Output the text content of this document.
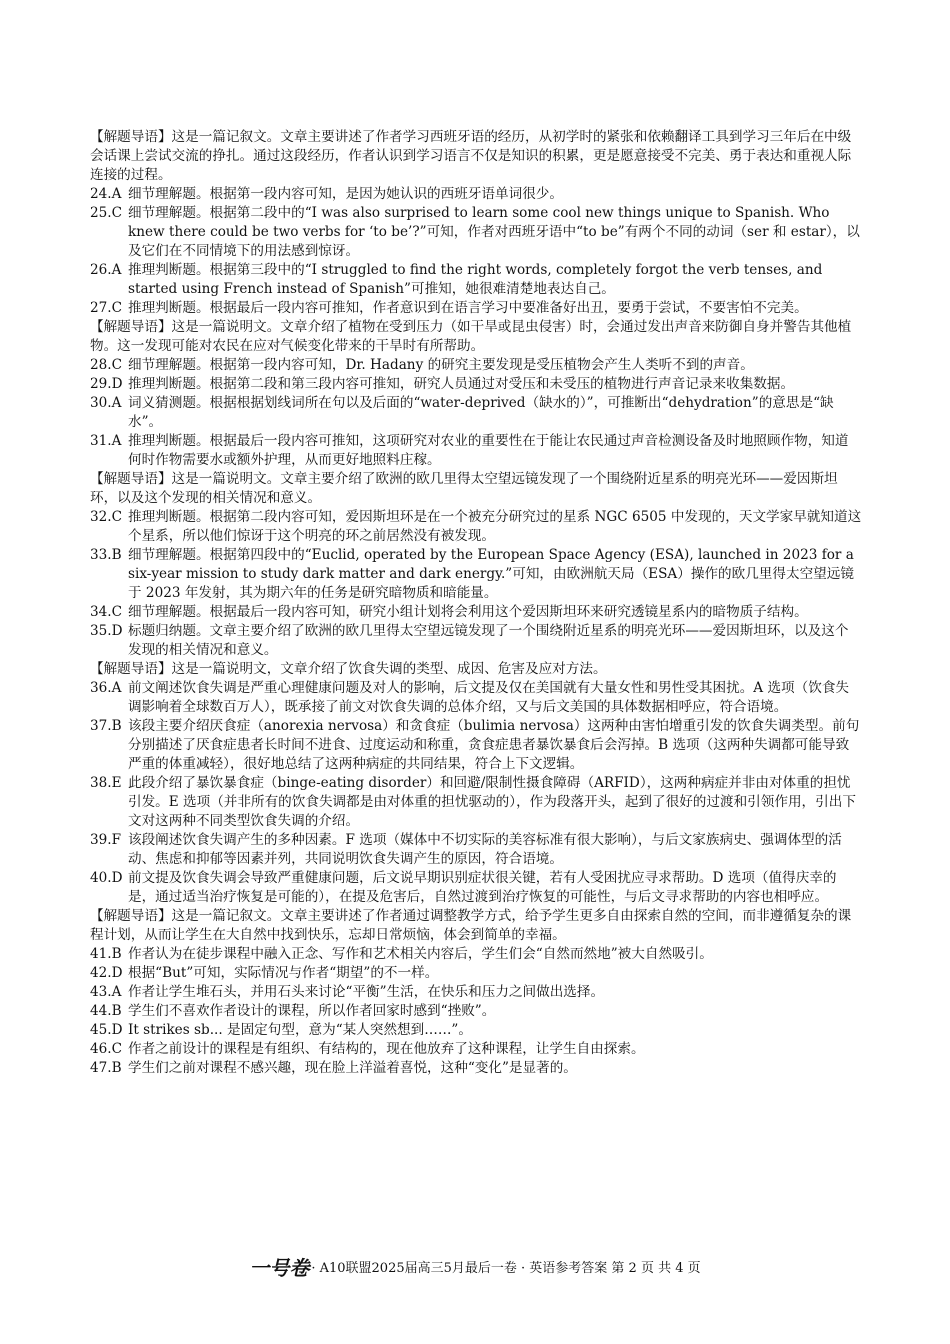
【解题导语】这是一篇记叙文。文章主要讲述了作者学习西班牙语的经历，从初学时的紧张和依赖翻译工具到学习三年后在中级会话课上尝试交流的挣扎。通过这段经历，作者认识到学习语言不仅是知识的积累，更是愿意接受不完美、勇于表达和重视人际连接的过程。

24.A 细节理解题。根据第一段内容可知，是因为她认识的西班牙语单词很少。
25.C 细节理解题。根据第二段中的“I was also surprised to learn some cool new things unique to Spanish. Who knew there could be two verbs for ‘to be’?”可知，作者对西班牙语中“to be”有两个不同的动词（ser 和 estar），以及它们在不同情境下的用法感到惊讶。
26.A 推理判断题。根据第三段中的“I struggled to find the right words, completely forgot the verb tenses, and started using French instead of Spanish”可推知，她很难清楚地表达自己。
27.C 推理判断题。根据最后一段内容可推知，作者意识到在语言学习中要准备好出丑，要勇于尝试，不要害怕不完美。

【解题导语】这是一篇说明文。文章介绍了植物在受到压力（如干旱或昆虫侵害）时，会通过发出声音来防御自身并警告其他植物。这一发现可能对农民在应对气候变化带来的干旱时有所帮助。

28.C 细节理解题。根据第一段内容可知，Dr. Hadany 的研究主要发现是受压植物会产生人类听不到的声音。
29.D 推理判断题。根据第二段和第三段内容可推知，研究人员通过对受压和未受压的植物进行声音记录来收集数据。
30.A 词义猜测题。根据根据划线词所在句以及后面的“water-deprived（缺水的）”，可推断出“dehydration”的意思是“缺水”。
31.A 推理判断题。根据最后一段内容可推知，这项研究对农业的重要性在于能让农民通过声音检测设备及时地照顾作物，知道何时作物需要水或额外护理，从而更好地照料庄稼。

【解题导语】这是一篇说明文。文章主要介绍了欧洲的欧几里得太空望远镜发现了一个围绕附近星系的明亮光环——爱因斯坦环，以及这个发现的相关情况和意义。

32.C 推理判断题。根据第二段内容可知，爱因斯坦环是在一个被充分研究过的星系 NGC 6505 中发现的，天文学家早就知道这个星系，所以他们惊讶于这个明亮的环之前居然没有被发现。
33.B 细节理解题。根据第四段中的“Euclid, operated by the European Space Agency (ESA), launched in 2023 for a six-year mission to study dark matter and dark energy.”可知，由欧洲航天局（ESA）操作的欧几里得太空望远镜于 2023 年发射，其为期六年的任务是研究暗物质和暗能量。
34.C 细节理解题。根据最后一段内容可知，研究小组计划将会利用这个爱因斯坦环来研究透镜星系内的暗物质子结构。
35.D 标题归纳题。文章主要介绍了欧洲的欧几里得太空望远镜发现了一个围绕附近星系的明亮光环——爱因斯坦环，以及这个发现的相关情况和意义。

【解题导语】这是一篇说明文，文章介绍了饮食失调的类型、成因、危害及应对方法。

36.A 前文阐述饮食失调是严重心理健康问题及对人的影响，后文提及仅在美国就有大量女性和男性受其困扰。A 选项（饮食失调影响着全球数百万人），既承接了前文对饮食失调的总体介绍，又与后文美国的具体数据相呼应，符合语境。
37.B 该段主要介绍厌食症（anorexia nervosa）和贪食症（bulimia nervosa）这两种由害怕增重引发的饮食失调类型。前句分别描述了厌食症患者长时间不进食、过度运动和称重，贪食症患者暴饮暴食后会泻掉。B 选项（这两种失调都可能导致严重的体重减轻），很好地总结了这两种病症的共同结果，符合上下文逻辑。
38.E 此段介绍了暴饮暴食症（binge-eating disorder）和回避/限制性摄食障碍（ARFID），这两种病症并非由对体重的担忧引发。E 选项（并非所有的饮食失调都是由对体重的担忧驱动的），作为段落开头，起到了很好的过渡和引领作用，引出下文对这两种不同类型饮食失调的介绍。
39.F 该段阐述饮食失调产生的多种因素。F 选项（媒体中不切实际的美容标准有很大影响），与后文家族病史、强调体型的活动、焦虑和抑郁等因素并列，共同说明饮食失调产生的原因，符合语境。
40.D 前文提及饮食失调会导致严重健康问题，后文说早期识别症状很关键，若有人受困扰应寻求帮助。D 选项（值得庆幸的是，通过适当治疗恢复是可能的），在提及危害后，自然过渡到治疗恢复的可能性，与后文寻求帮助的内容也相呼应。

【解题导语】这是一篇记叙文。文章主要讲述了作者通过调整教学方式，给予学生更多自由探索自然的空间，而非遵循复杂的课程计划，从而让学生在大自然中找到快乐，忘却日常烦恼，体会到简单的幸福。

41.B 作者认为在徒步课程中融入正念、写作和艺术相关内容后，学生们会“自然而然地”被大自然吸引。
42.D 根据“But”可知，实际情况与作者“期望”的不一样。
43.A 作者让学生堆石头，并用石头来讨论“平衡”生活，在快乐和压力之间做出选择。
44.B 学生们不喜欢作者设计的课程，所以作者回家时感到“挫败”。
45.D It strikes sb... 是固定句型，意为“某人突然想到……”。
46.C 作者之前设计的课程是有组织、有结构的，现在他放弃了这种课程，让学生自由探索。
47.B 学生们之前对课程不感兴趣，现在脸上洋溢着喜悦，这种“变化”是显著的。
一号卷 · A10联盟2025届高三5月最后一卷 · 英语参考答案 第 2 页 共 4 页
